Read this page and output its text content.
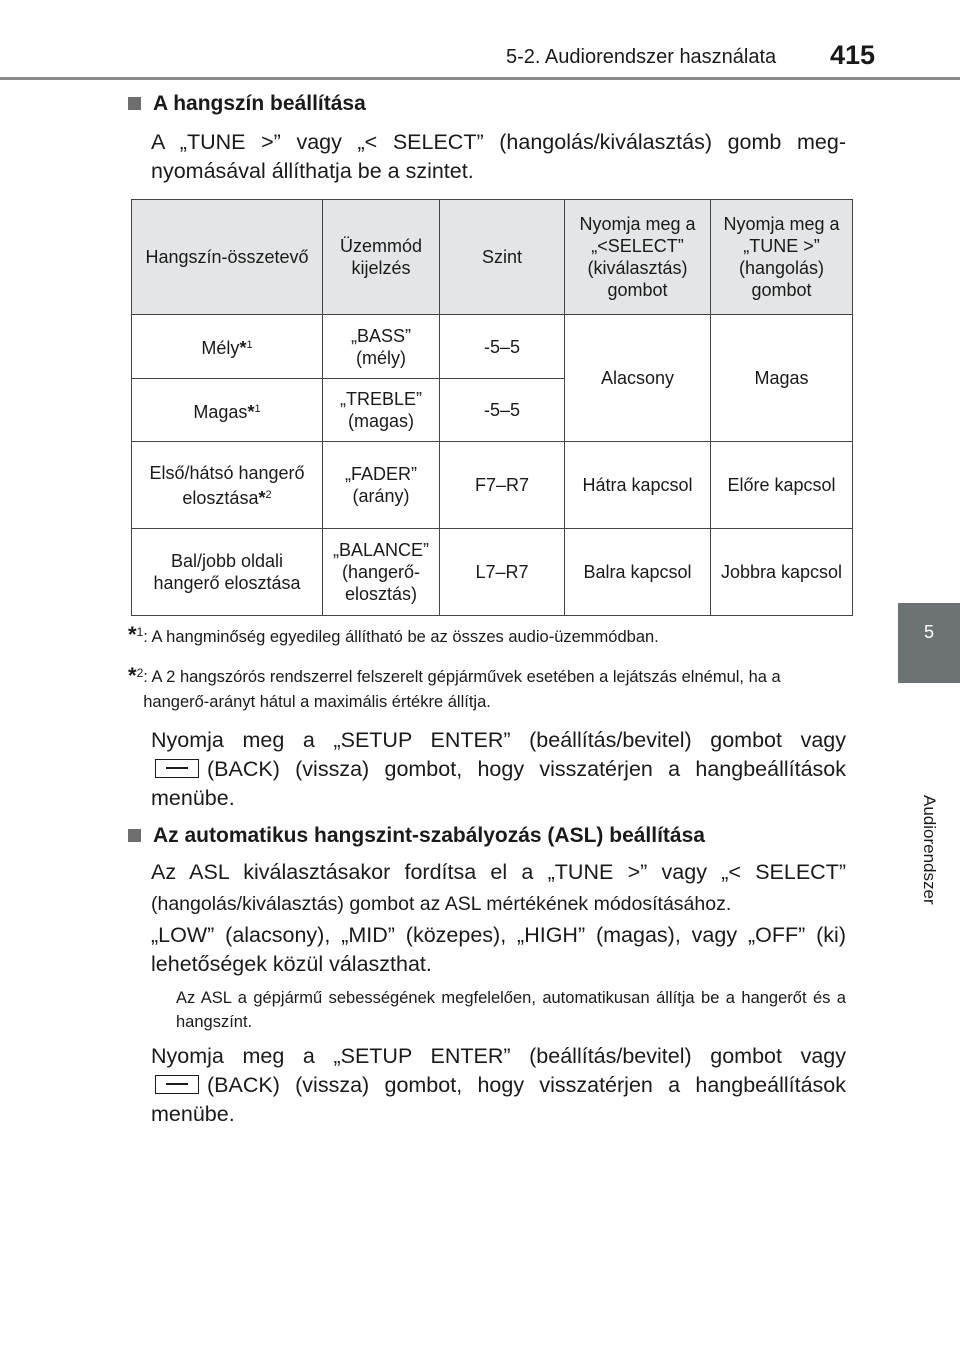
5-2. Audiorendszer használata 415
5
Audiorendszer
A hangszín beállítása
A „TUNE >” vagy „< SELECT” (hangolás/kiválasztás) gomb meg-nyomásával állíthatja be a szintet.
Hangszín-összetevő	Üzemmód kijelzés	Szint	Nyomja meg a „<SELECT” (kiválasztás) gombot	Nyomja meg a „TUNE >” (hangolás) gombot
Mély*$^1$	„BASS” (mély)	-5–5	Alacsony	Magas
Magas*$^1$	„TREBLE” (magas)	-5–5		
Első/hátsó hangerő elosztása*$^2$	„FADER” (arány)	F7–R7	Hátra kapcsol	Előre kapcsol
Bal/jobb oldali hangerő elosztása	„BALANCE” (hangerő-elosztás)	L7–R7	Balra kapcsol	Jobbra kapcsol
*$^1$: A hangminőség egyedileg állítható be az összes audio-üzemmódban.
*$^2$: A 2 hangszórós rendszerrel felszerelt gépjárművek esetében a lejátszás elnémul, ha a hangerő-arányt hátul a maximális értékre állítja.
Nyomja meg a „SETUP ENTER” (beállítás/bevitel) gombot vagy
(BACK) (vissza) gombot, hogy visszatérjen a hangbeállítások
menübe.
Az automatikus hangszint-szabályozás (ASL) beállítása
Az ASL kiválasztásakor fordítsa el a „TUNE >” vagy „< SELECT”
(hangolás/kiválasztás) gombot az ASL mértékének módosításához.
„LOW” (alacsony), „MID” (közepes), „HIGH” (magas), vagy „OFF” (ki) lehetőségek közül választhat.
Az ASL a gépjármű sebességének megfelelően, automatikusan állítja be a hangerőt és a hangszínt.
Nyomja meg a „SETUP ENTER” (beállítás/bevitel) gombot vagy
(BACK) (vissza) gombot, hogy visszatérjen a hangbeállítások
menübe.
